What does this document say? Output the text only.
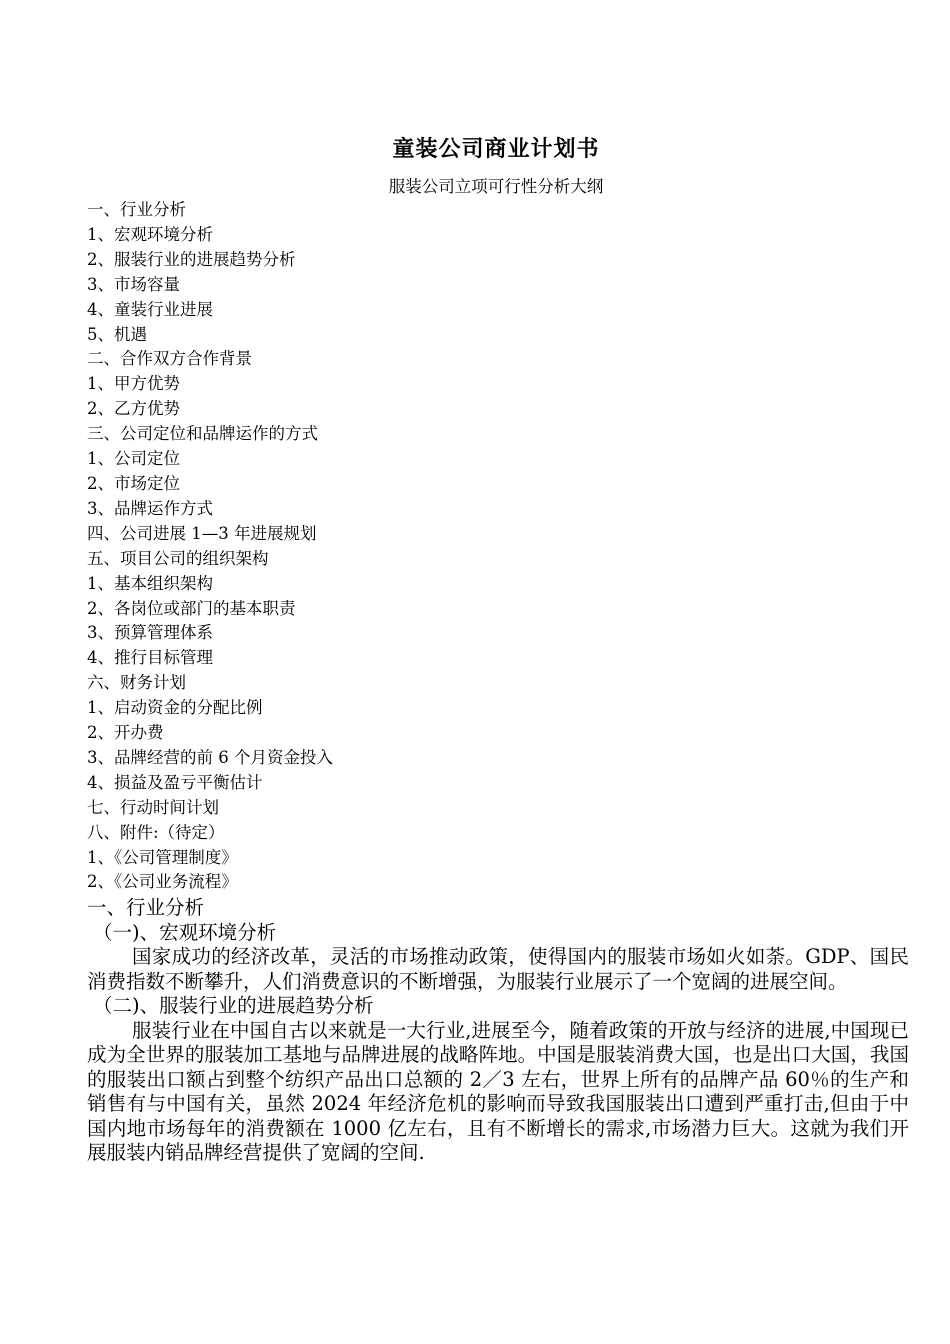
童装公司商业计划书
服装公司立项可行性分析大纲
一、行业分析
1、宏观环境分析
2、服装行业的进展趋势分析
3、市场容量
4、童装行业进展
5、机遇
二、合作双方合作背景
1、甲方优势
2、乙方优势
三、公司定位和品牌运作的方式
1、公司定位
2、市场定位
3、品牌运作方式
四、公司进展 1—3 年进展规划
五、项目公司的组织架构
1、基本组织架构
2、各岗位或部门的基本职责
3、预算管理体系
4、推行目标管理
六、财务计划
1、启动资金的分配比例
2、开办费
3、品牌经营的前 6 个月资金投入
4、损益及盈亏平衡估计
七、行动时间计划
八、附件:（待定）
1、《公司管理制度》
2、《公司业务流程》
一、行业分析
（一)、宏观环境分析
国家成功的经济改革，灵活的市场推动政策，使得国内的服装市场如火如荼。GDP、国民消费指数不断攀升，人们消费意识的不断增强，为服装行业展示了一个宽阔的进展空间。
（二)、服装行业的进展趋势分析
服装行业在中国自古以来就是一大行业,进展至今，随着政策的开放与经济的进展,中国现已成为全世界的服装加工基地与品牌进展的战略阵地。中国是服装消费大国，也是出口大国，我国的服装出口额占到整个纺织产品出口总额的 2／3 左右，世界上所有的品牌产品 60％的生产和销售有与中国有关，虽然 2024 年经济危机的影响而导致我国服装出口遭到严重打击,但由于中国内地市场每年的消费额在 1000 亿左右，且有不断增长的需求,市场潜力巨大。这就为我们开展服装内销品牌经营提供了宽阔的空间.
